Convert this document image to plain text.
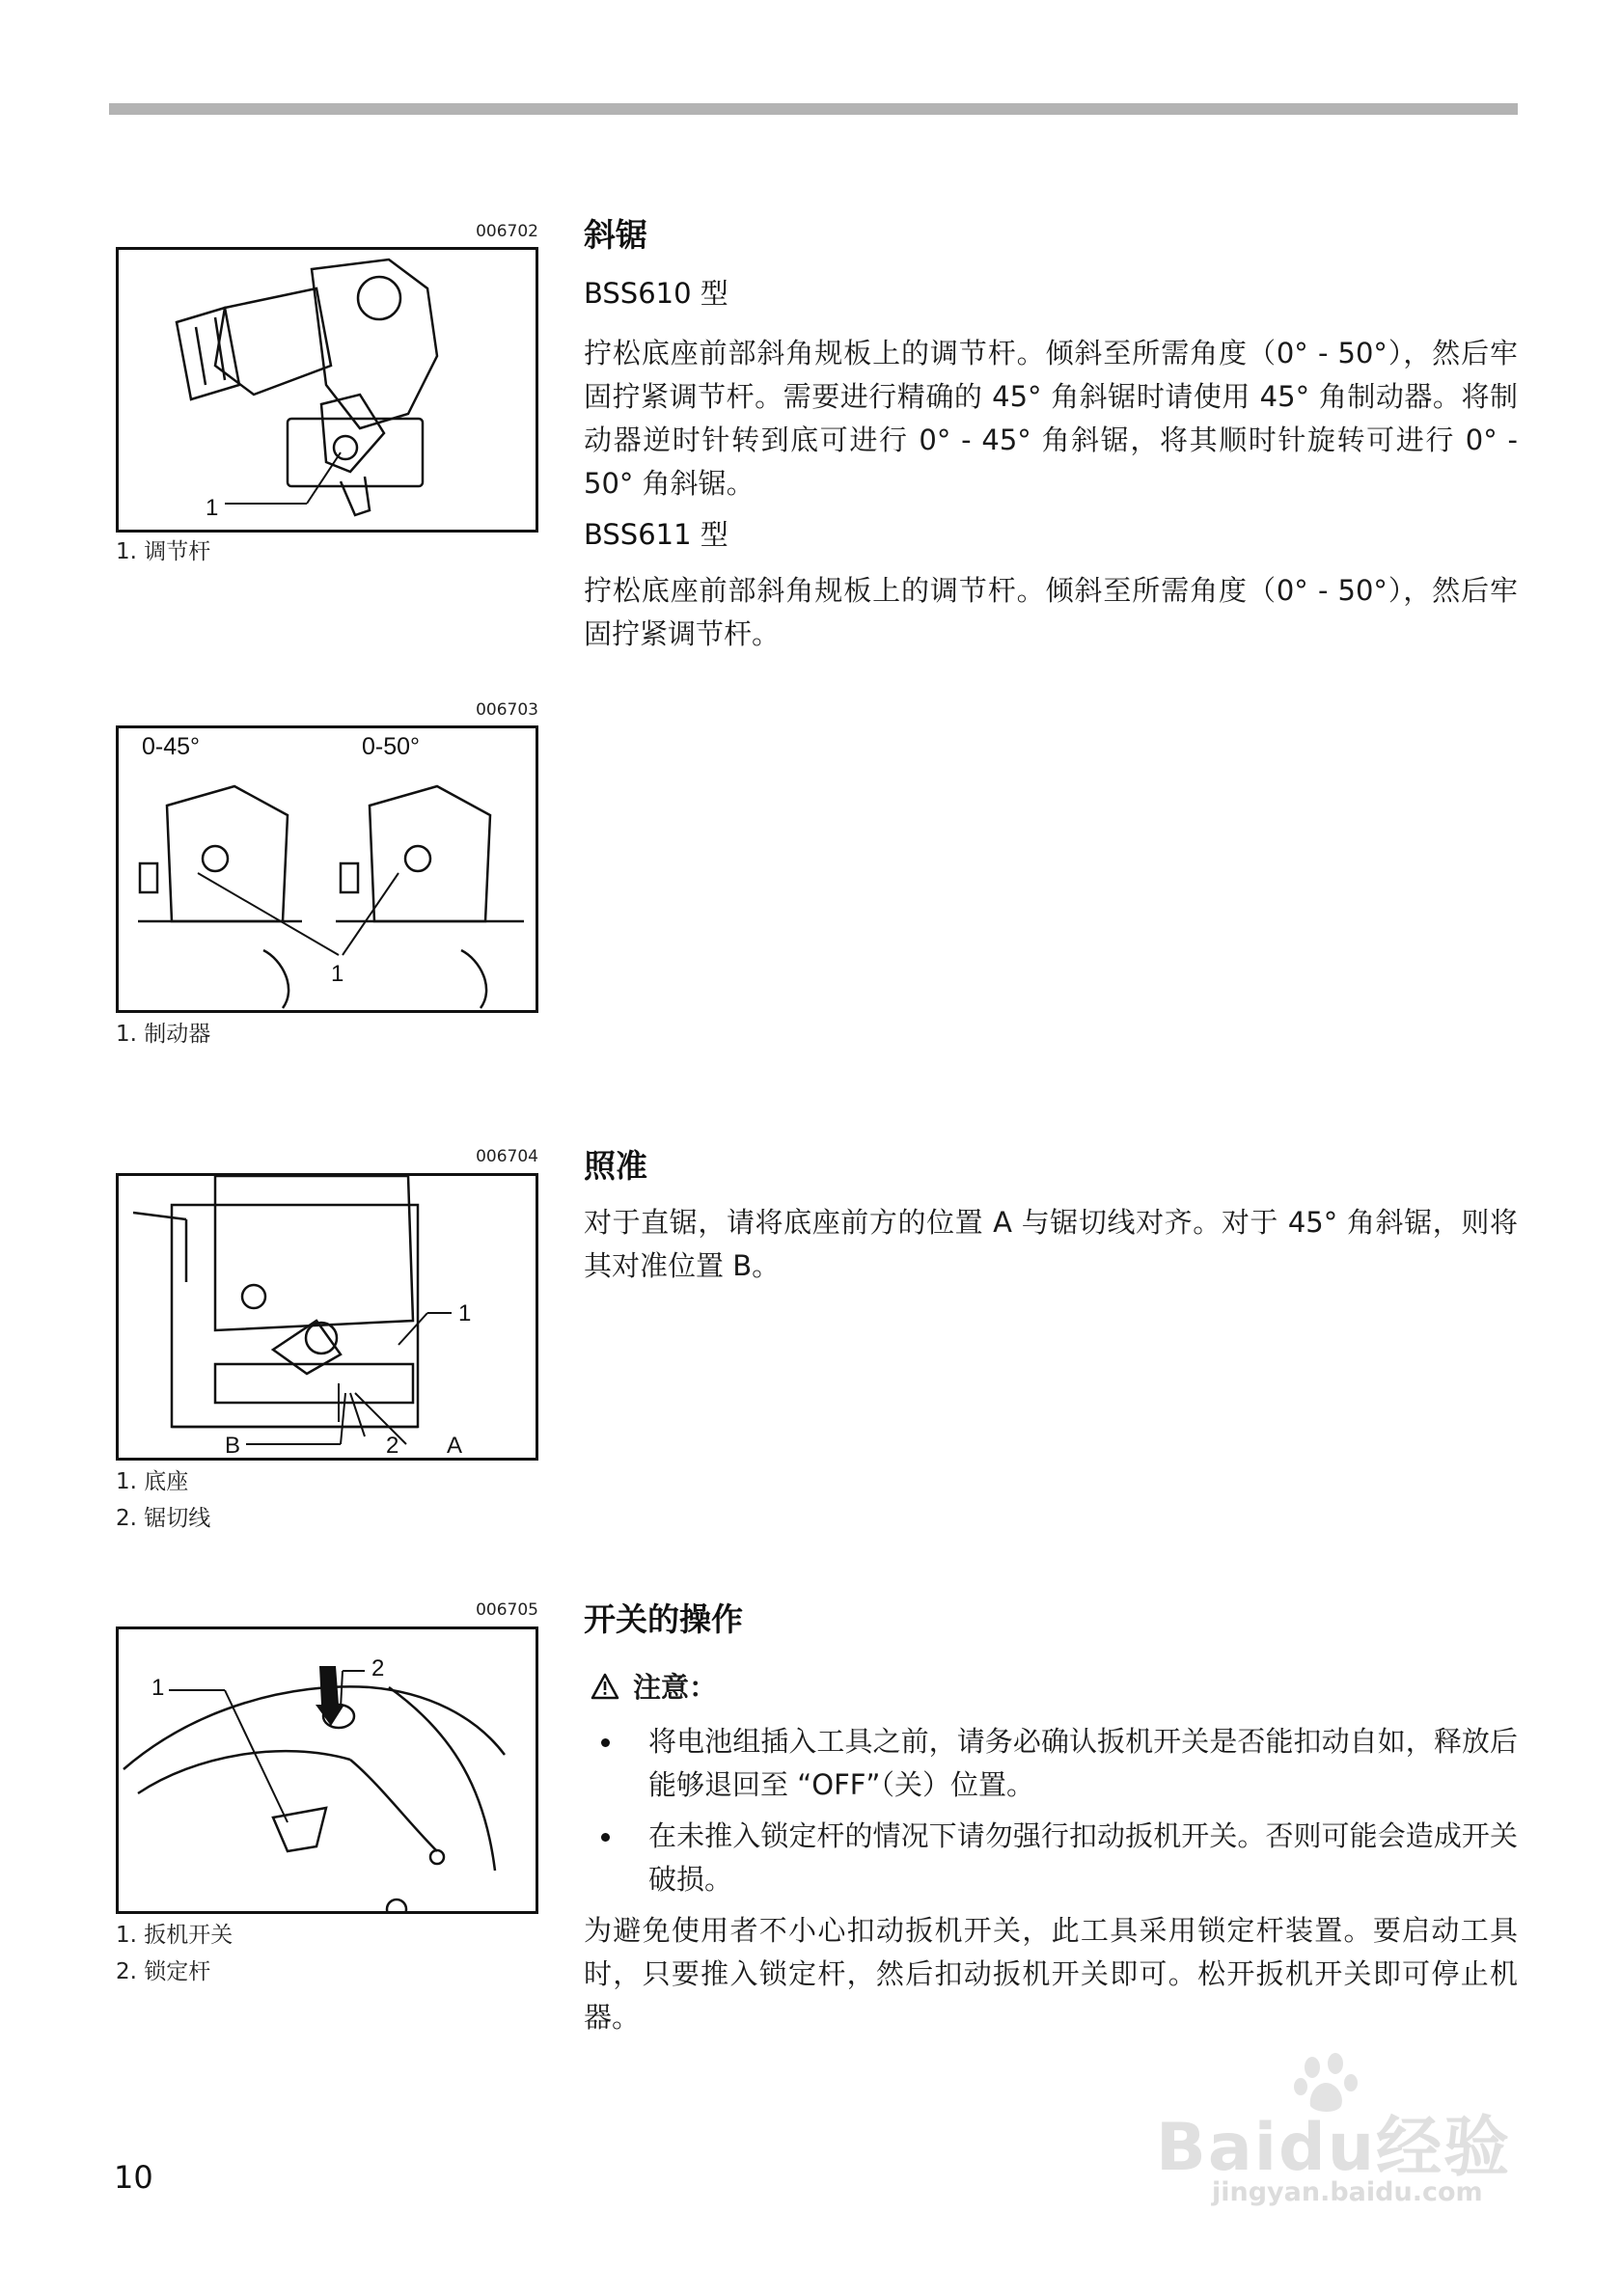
006702
1
1. 调节杆
006703
0-45°	0-50°
1
1. 制动器
006704
1
B	2 A
1. 底座
2. 锯切线
006705
1
2
1. 扳机开关
2. 锁定杆
斜锯
BSS610 型
拧松底座前部斜角规板上的调节杆。倾斜至所需角度（0° - 50°），然后牢固拧紧调节杆。需要进行精确的 45° 角斜锯时请使用 45° 角制动器。将制动器逆时针转到底可进行 0° - 45° 角斜锯，将其顺时针旋转可进行 0° - 50° 角斜锯。
BSS611 型
拧松底座前部斜角规板上的调节杆。倾斜至所需角度（0° - 50°），然后牢固拧紧调节杆。
照准
对于直锯，请将底座前方的位置 A 与锯切线对齐。对于 45° 角斜锯，则将其对准位置 B。
开关的操作
注意：
将电池组插入工具之前，请务必确认扳机开关是否能扣动自如，释放后能够退回至 “OFF”（关）位置。
在未推入锁定杆的情况下请勿强行扣动扳机开关。否则可能会造成开关破损。
为避免使用者不小心扣动扳机开关，此工具采用锁定杆装置。要启动工具时，只要推入锁定杆，然后扣动扳机开关即可。松开扳机开关即可停止机器。
10	Baidu经验
jingyan.baidu.com
